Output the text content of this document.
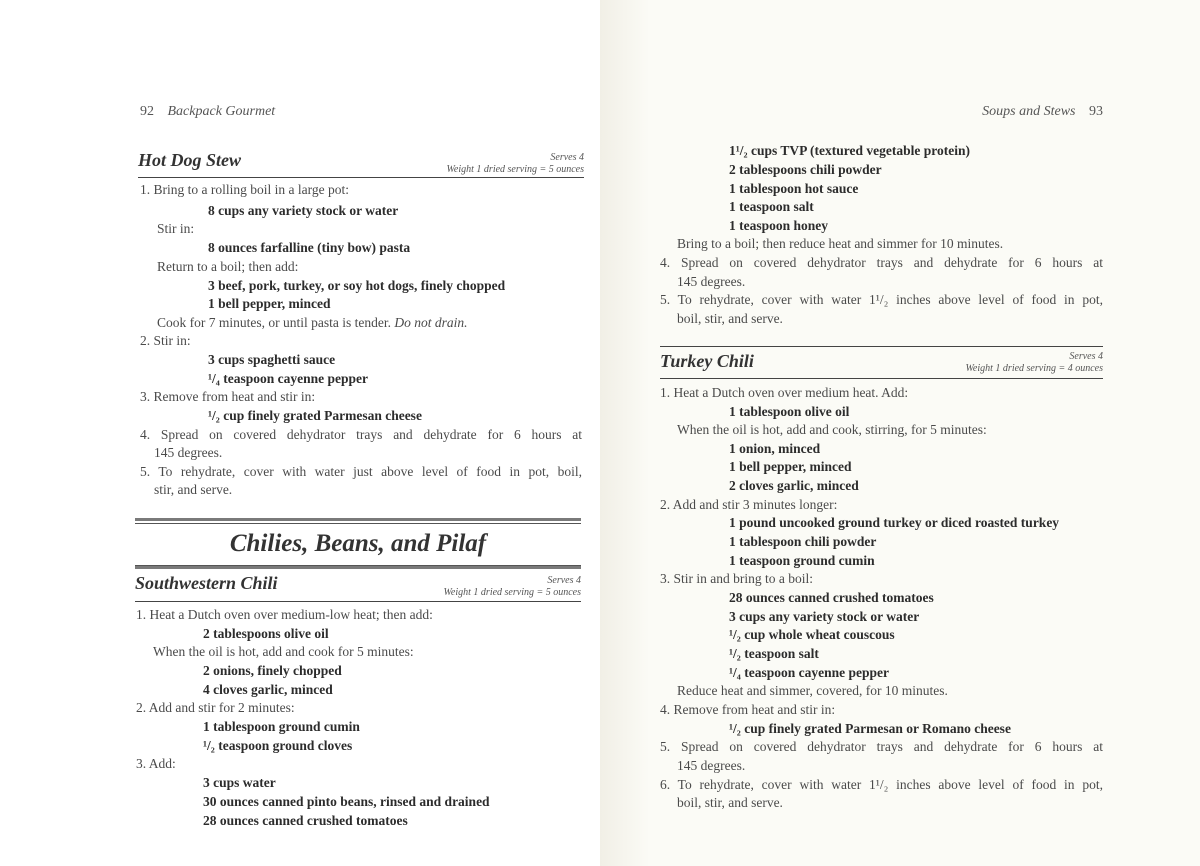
92 Backpack Gourmet
Hot Dog Stew	Serves 4
Weight 1 dried serving = 5 ounces
1. Bring to a rolling boil in a large pot:
8 cups any variety stock or water
Stir in:
8 ounces farfalline (tiny bow) pasta
Return to a boil; then add:
3 beef, pork, turkey, or soy hot dogs, finely chopped
1 bell pepper, minced
Cook for 7 minutes, or until pasta is tender. Do not drain.
2. Stir in:
3 cups spaghetti sauce
¹/₄ teaspoon cayenne pepper
3. Remove from heat and stir in:
¹/₂ cup finely grated Parmesan cheese
4. Spread on covered dehydrator trays and dehydrate for 6 hours at
145 degrees.
5. To rehydrate, cover with water just above level of food in pot, boil,
stir, and serve.
Chilies, Beans, and Pilaf
Southwestern Chili	Serves 4
Weight 1 dried serving = 5 ounces
1. Heat a Dutch oven over medium-low heat; then add:
2 tablespoons olive oil
When the oil is hot, add and cook for 5 minutes:
2 onions, finely chopped
4 cloves garlic, minced
2. Add and stir for 2 minutes:
1 tablespoon ground cumin
¹/₂ teaspoon ground cloves
3. Add:
3 cups water
30 ounces canned pinto beans, rinsed and drained
28 ounces canned crushed tomatoes
Soups and Stews 93
1¹/₂ cups TVP (textured vegetable protein)
2 tablespoons chili powder
1 tablespoon hot sauce
1 teaspoon salt
1 teaspoon honey
Bring to a boil; then reduce heat and simmer for 10 minutes.
4. Spread on covered dehydrator trays and dehydrate for 6 hours at
145 degrees.
5. To rehydrate, cover with water 1¹/₂ inches above level of food in pot,
boil, stir, and serve.
Turkey Chili	Serves 4
Weight 1 dried serving = 4 ounces
1. Heat a Dutch oven over medium heat. Add:
1 tablespoon olive oil
When the oil is hot, add and cook, stirring, for 5 minutes:
1 onion, minced
1 bell pepper, minced
2 cloves garlic, minced
2. Add and stir 3 minutes longer:
1 pound uncooked ground turkey or diced roasted turkey
1 tablespoon chili powder
1 teaspoon ground cumin
3. Stir in and bring to a boil:
28 ounces canned crushed tomatoes
3 cups any variety stock or water
¹/₂ cup whole wheat couscous
¹/₂ teaspoon salt
¹/₄ teaspoon cayenne pepper
Reduce heat and simmer, covered, for 10 minutes.
4. Remove from heat and stir in:
¹/₂ cup finely grated Parmesan or Romano cheese
5. Spread on covered dehydrator trays and dehydrate for 6 hours at
145 degrees.
6. To rehydrate, cover with water 1¹/₂ inches above level of food in pot,
boil, stir, and serve.
